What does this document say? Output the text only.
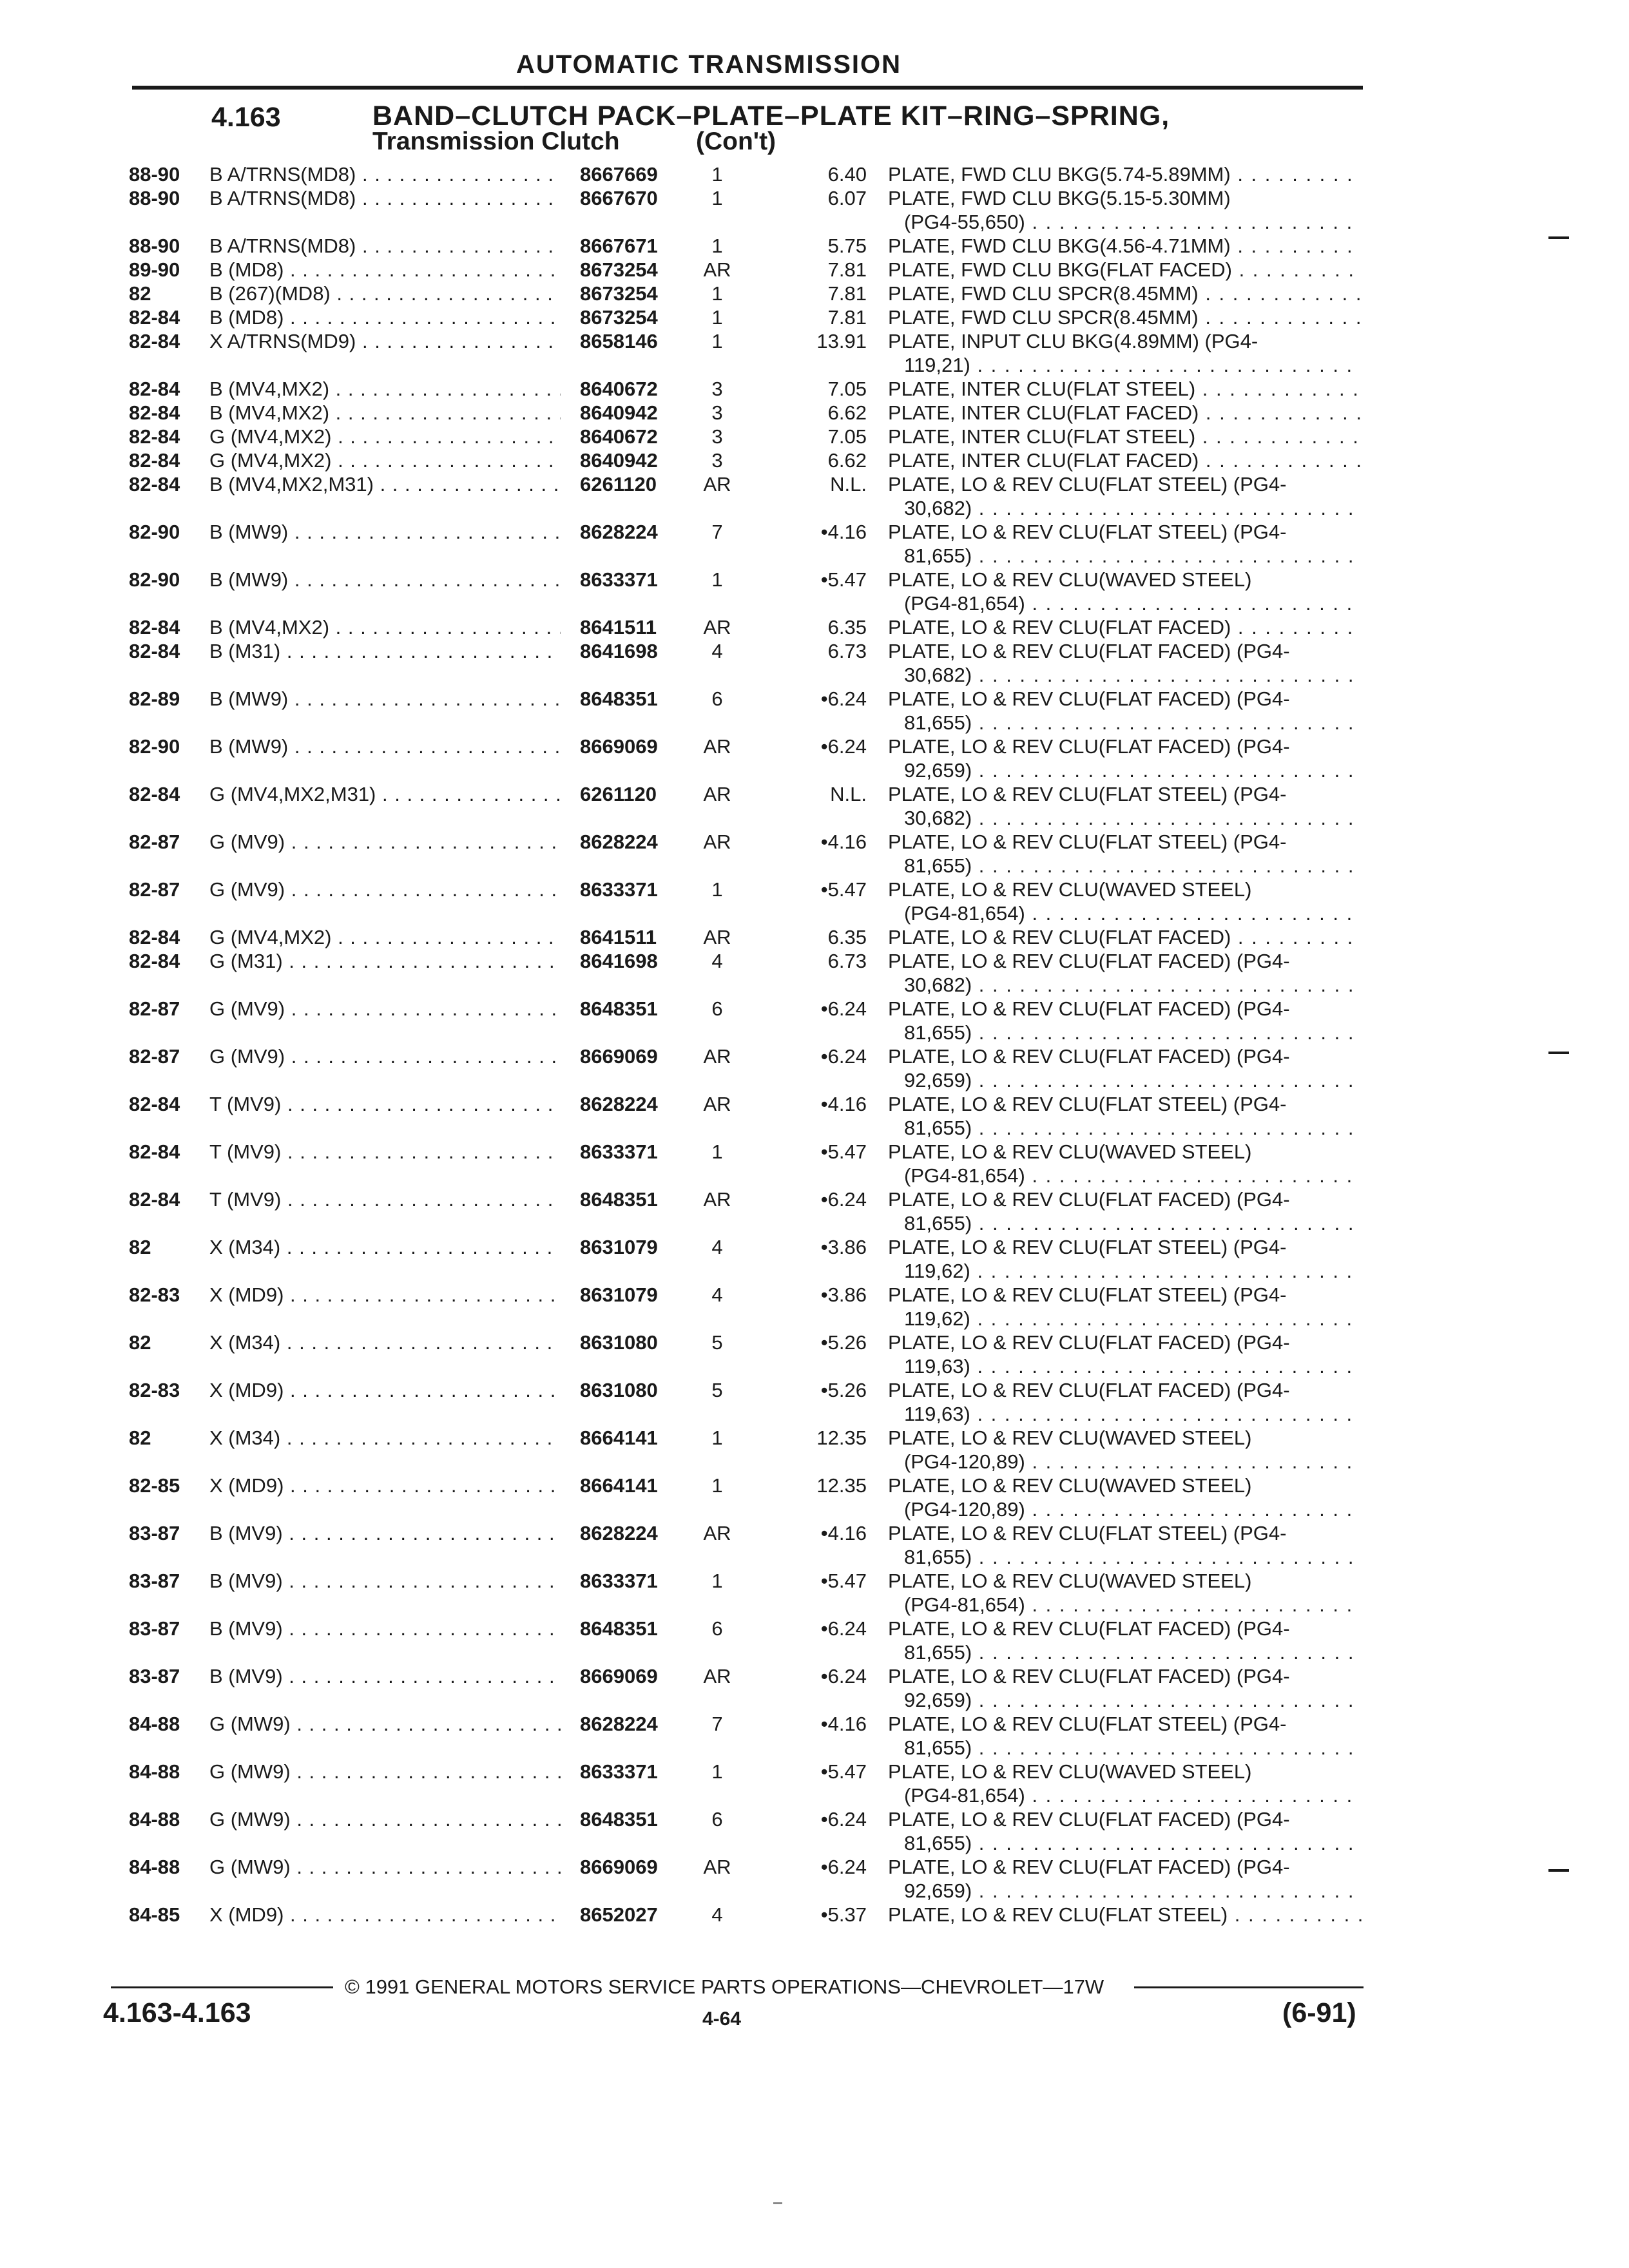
AUTOMATIC TRANSMISSION
4.163	BAND–CLUTCH PACK–PLATE–PLATE KIT–RING–SPRING,
Transmission Clutch	(Con't)
88-90 B A/TRNS(MD8) . . .	8667669	1	6.40 PLATE, FWD CLU BKG(5.74-5.89MM) . . .
88-90 B A/TRNS(MD8) . . .	8667670	1	6.07 PLATE, FWD CLU BKG(5.15-5.30MM)
(PG4-55,650) . . .
88-90 B A/TRNS(MD8) . . .	8667671	1	5.75 PLATE, FWD CLU BKG(4.56-4.71MM) . . .
89-90 B (MD8) . . .	8673254	AR	7.81 PLATE, FWD CLU BKG(FLAT FACED) . . .
82	B (267)(MD8) . . .	8673254	1	7.81 PLATE, FWD CLU SPCR(8.45MM) . . .
82-84 B (MD8) . . .	8673254	1	7.81 PLATE, FWD CLU SPCR(8.45MM) . . .
82-84 X A/TRNS(MD9) . . .	8658146	1	13.91 PLATE, INPUT CLU BKG(4.89MM) (PG4-
119,21) . . .
82-84 B (MV4,MX2) . . .	8640672	3	7.05 PLATE, INTER CLU(FLAT STEEL) . . .
82-84 B (MV4,MX2) . . .	8640942	3	6.62 PLATE, INTER CLU(FLAT FACED) . . .
82-84 G (MV4,MX2) . . .	8640672	3	7.05 PLATE, INTER CLU(FLAT STEEL) . . .
82-84 G (MV4,MX2) . . .	8640942	3	6.62 PLATE, INTER CLU(FLAT FACED) . . .
82-84 B (MV4,MX2,M31) . . .	6261120	AR	N.L. PLATE, LO & REV CLU(FLAT STEEL) (PG4-
30,682) . . .
82-90 B (MW9) . . .	8628224	7	•4.16 PLATE, LO & REV CLU(FLAT STEEL) (PG4-
81,655) . . .
82-90 B (MW9) . . .	8633371	1	•5.47 PLATE, LO & REV CLU(WAVED STEEL)
(PG4-81,654) . . .
82-84 B (MV4,MX2) . . .	8641511	AR	6.35 PLATE, LO & REV CLU(FLAT FACED) . . .
82-84 B (M31) . . .	8641698	4	6.73 PLATE, LO & REV CLU(FLAT FACED) (PG4-
30,682) . . .
82-89 B (MW9) . . .	8648351	6	•6.24 PLATE, LO & REV CLU(FLAT FACED) (PG4-
81,655) . . .
82-90 B (MW9) . . .	8669069	AR	•6.24 PLATE, LO & REV CLU(FLAT FACED) (PG4-
92,659) . . .
82-84 G (MV4,MX2,M31) . . .	6261120	AR	N.L. PLATE, LO & REV CLU(FLAT STEEL) (PG4-
30,682) . . .
82-87 G (MV9) . . .	8628224	AR	•4.16 PLATE, LO & REV CLU(FLAT STEEL) (PG4-
81,655) . . .
82-87 G (MV9) . . .	8633371	1	•5.47 PLATE, LO & REV CLU(WAVED STEEL)
(PG4-81,654) . . .
82-84 G (MV4,MX2) . . .	8641511	AR	6.35 PLATE, LO & REV CLU(FLAT FACED) . . .
82-84 G (M31) . . .	8641698	4	6.73 PLATE, LO & REV CLU(FLAT FACED) (PG4-
30,682) . . .
82-87 G (MV9) . . .	8648351	6	•6.24 PLATE, LO & REV CLU(FLAT FACED) (PG4-
81,655) . . .
82-87 G (MV9) . . .	8669069	AR	•6.24 PLATE, LO & REV CLU(FLAT FACED) (PG4-
92,659) . . .
82-84 T (MV9) . . .	8628224	AR	•4.16 PLATE, LO & REV CLU(FLAT STEEL) (PG4-
81,655) . . .
82-84 T (MV9) . . .	8633371	1	•5.47 PLATE, LO & REV CLU(WAVED STEEL)
(PG4-81,654) . . .
82-84 T (MV9) . . .	8648351	AR	•6.24 PLATE, LO & REV CLU(FLAT FACED) (PG4-
81,655) . . .
82	X (M34) . . .	8631079	4	•3.86 PLATE, LO & REV CLU(FLAT STEEL) (PG4-
119,62) . . .
82-83 X (MD9) . . .	8631079	4	•3.86 PLATE, LO & REV CLU(FLAT STEEL) (PG4-
119,62) . . .
82	X (M34) . . .	8631080	5	•5.26 PLATE, LO & REV CLU(FLAT FACED) (PG4-
119,63) . . .
82-83 X (MD9) . . .	8631080	5	•5.26 PLATE, LO & REV CLU(FLAT FACED) (PG4-
119,63) . . .
82	X (M34) . . .	8664141	1	12.35 PLATE, LO & REV CLU(WAVED STEEL)
(PG4-120,89) . . .
82-85 X (MD9) . . .	8664141	1	12.35 PLATE, LO & REV CLU(WAVED STEEL)
(PG4-120,89) . . .
83-87 B (MV9) . . .	8628224	AR	•4.16 PLATE, LO & REV CLU(FLAT STEEL) (PG4-
81,655) . . .
83-87 B (MV9) . . .	8633371	1	•5.47 PLATE, LO & REV CLU(WAVED STEEL)
(PG4-81,654) . . .
83-87 B (MV9) . . .	8648351	6	•6.24 PLATE, LO & REV CLU(FLAT FACED) (PG4-
81,655) . . .
83-87 B (MV9) . . .	8669069	AR	•6.24 PLATE, LO & REV CLU(FLAT FACED) (PG4-
92,659) . . .
84-88 G (MW9) . . .	8628224	7	•4.16 PLATE, LO & REV CLU(FLAT STEEL) (PG4-
81,655) . . .
84-88 G (MW9) . . .	8633371	1	•5.47 PLATE, LO & REV CLU(WAVED STEEL)
(PG4-81,654) . . .
84-88 G (MW9) . . .	8648351	6	•6.24 PLATE, LO & REV CLU(FLAT FACED) (PG4-
81,655) . . .
84-88 G (MW9) . . .	8669069	AR	•6.24 PLATE, LO & REV CLU(FLAT FACED) (PG4-
92,659) . . .
84-85 X (MD9) . . .	8652027	4	•5.37 PLATE, LO & REV CLU(FLAT STEEL) . . .
© 1991 GENERAL MOTORS SERVICE PARTS OPERATIONS—CHEVROLET—17W
4.163-4.163	4-64	(6-91)
